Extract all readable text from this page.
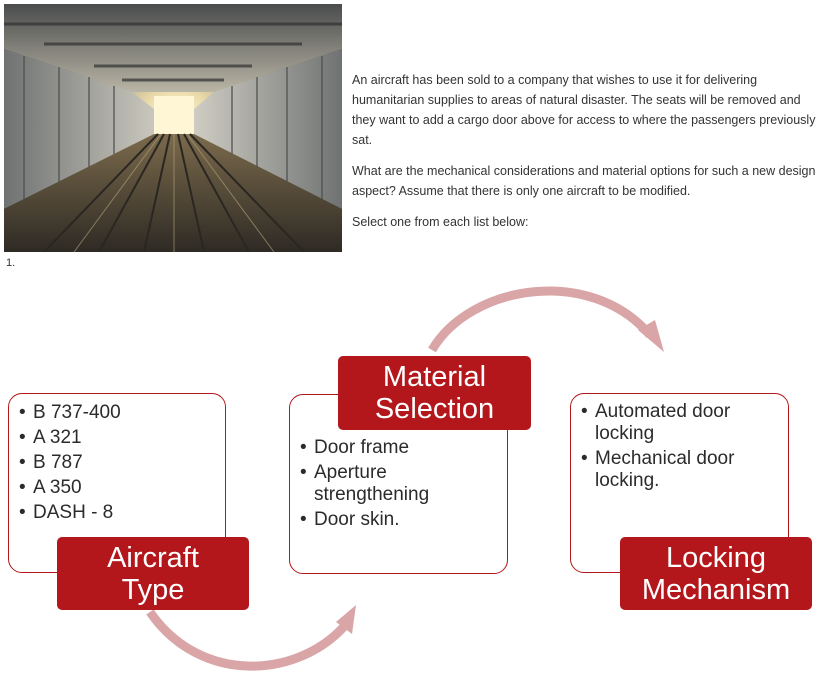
1.

An aircraft has been sold to a company that wishes to use it for delivering humanitarian supplies to areas of natural disaster. The seats will be removed and they want to add a cargo door above for access to where the passengers previously sat.

What are the mechanical considerations and material options for such a new design aspect? Assume that there is only one aircraft to be modified.

Select one from each list below:

• B 737-400
• A 321
• B 787
• A 350
• DASH - 8
Aircraft
Type
• Door frame
• Aperture strengthening
• Door skin.
Material
Selection
•	Automated door locking
• Mechanical door locking.
Locking
Mechanism
